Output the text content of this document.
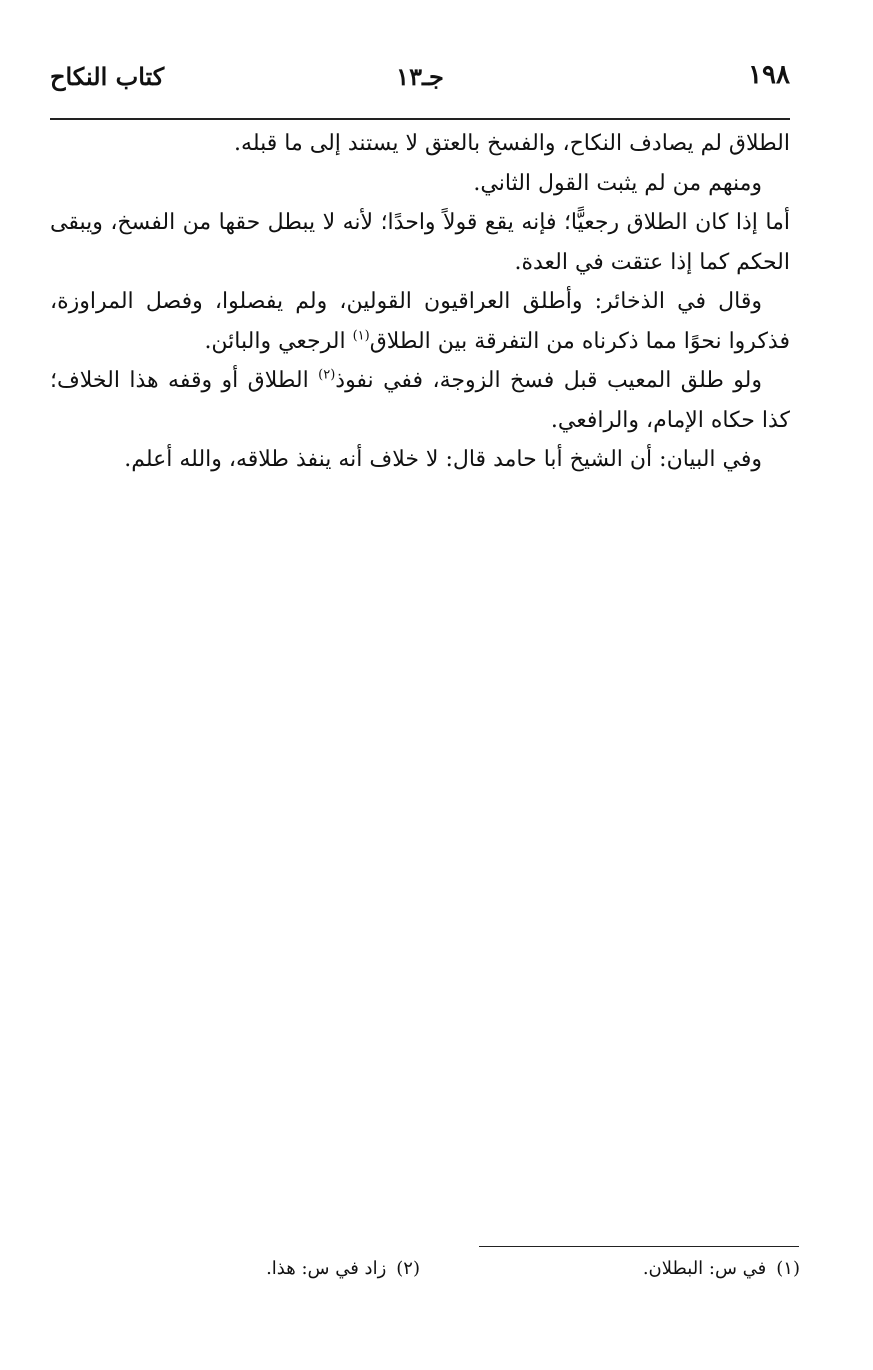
١٩٨
جـ١٣
كتاب النكاح

الطلاق لم يصادف النكاح، والفسخ بالعتق لا يستند إلى ما قبله.

ومنهم من لم يثبت القول الثاني.

أما إذا كان الطلاق رجعيًّا؛ فإنه يقع قولاً واحدًا؛ لأنه لا يبطل حقها من الفسخ، ويبقى الحكم كما إذا عتقت في العدة.

وقال في الذخائر: وأطلق العراقيون القولين، ولم يفصلوا، وفصل المراوزة، فذكروا نحوًا مما ذكرناه من التفرقة بين الطلاق$^{(١)}$ الرجعي والبائن.

ولو طلق المعيب قبل فسخ الزوجة، ففي نفوذ$^{(٢)}$ الطلاق أو وقفه هذا الخلاف؛ كذا حكاه الإمام، والرافعي.

وفي البيان: أن الشيخ أبا حامد قال: لا خلاف أنه ينفذ طلاقه، والله أعلم.

(١)في س: البطلان.
(٢)زاد في س: هذا.
